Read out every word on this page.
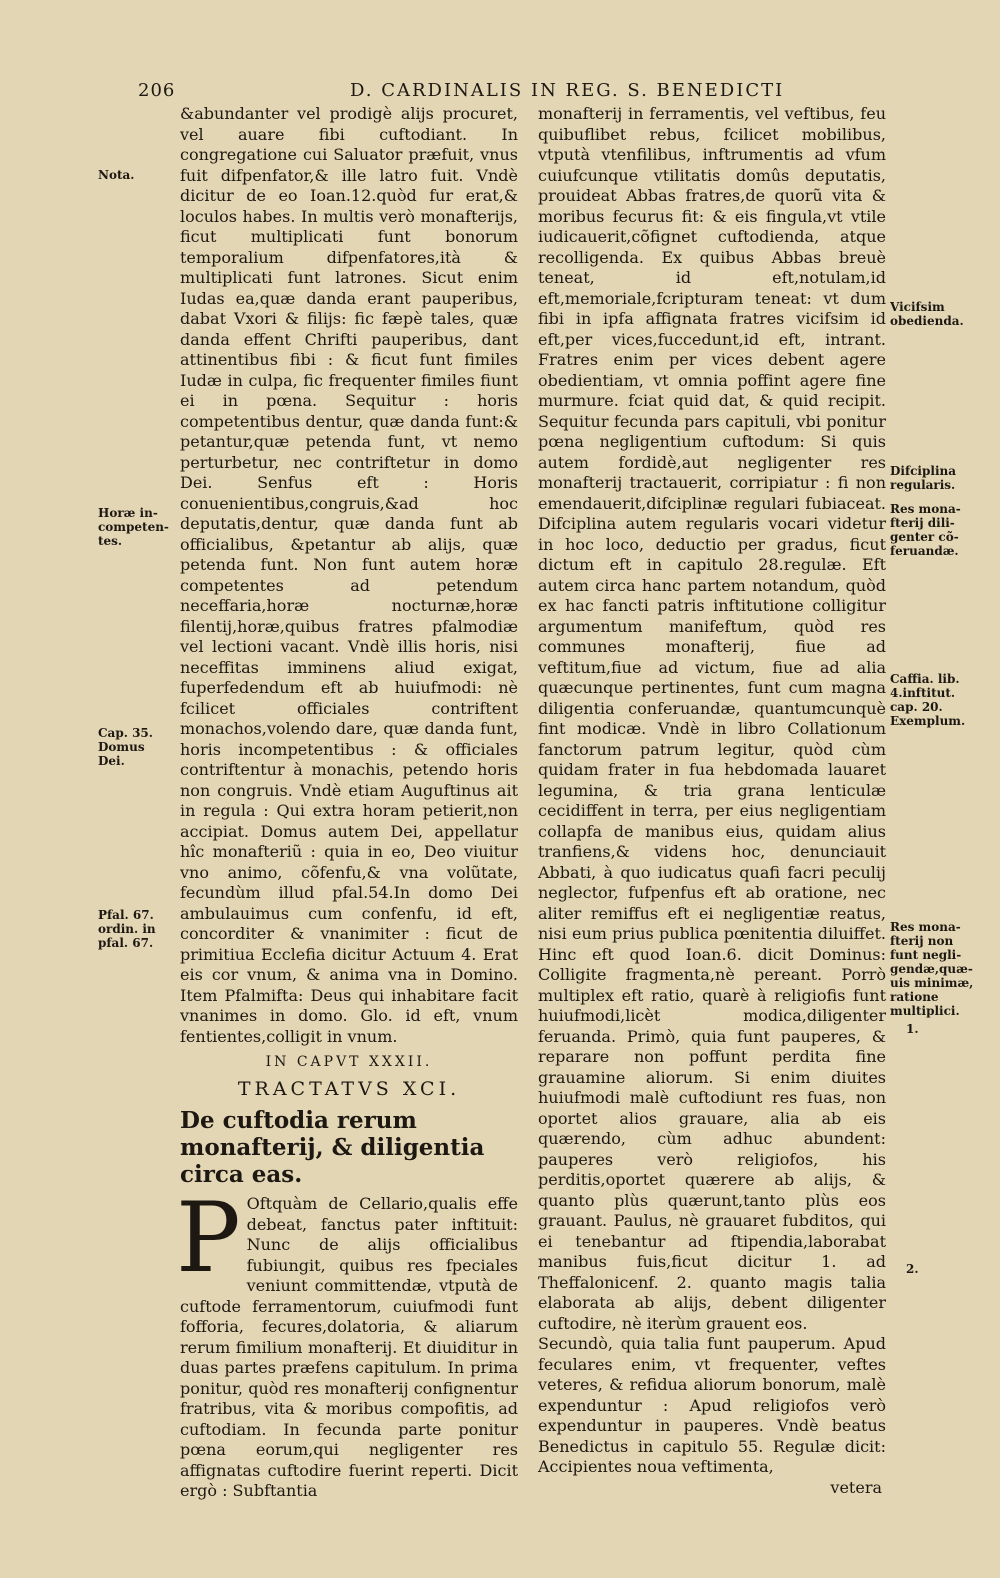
206	D. CARDINALIS IN REG. S. BENEDICTI
Nota.
Horæ in-
competen-
tes.
Cap. 35.
Domus
Dei.
Pfal. 67.
ordin. in
pfal. 67.
Vicifsim
obedienda.
Difciplina
regularis.
Res mona-
fterij dili-
genter cõ-
feruandæ.
Caffia. lib.
4.inftitut.
cap. 20.
Exemplum.
Res mona-
fterij non
funt negli-
gendæ,quæ-
uis minimæ,
ratione
multiplici.
1.
2.

&abundanter vel prodigè alijs procuret, vel auare fibi cuftodiant. In congregatione cui Saluator præfuit, vnus fuit difpenfator,& ille latro fuit. Vndè dicitur de eo Ioan.12.quòd fur erat,& loculos habes. In multis verò monafterijs, ficut multiplicati funt bonorum temporalium difpenfatores,ità & multiplicati funt latrones. Sicut enim Iudas ea,quæ danda erant pauperibus, dabat Vxori & filijs: fic fæpè tales, quæ danda effent Chrifti pauperibus, dant attinentibus fibi : & ficut funt fimiles Iudæ in culpa, fic frequenter fimiles fiunt ei in pœna. Sequitur : horis competentibus dentur, quæ danda funt:& petantur,quæ petenda funt, vt nemo perturbetur, nec contriftetur in domo Dei. Senfus eft : Horis conuenientibus,congruis,&ad hoc deputatis,dentur, quæ danda funt ab officialibus, &petantur ab alijs, quæ petenda funt. Non funt autem horæ competentes ad petendum neceffaria,horæ nocturnæ,horæ filentij,horæ,quibus fratres pfalmodiæ vel lectioni vacant. Vndè illis horis, nisi neceffitas imminens aliud exigat, fuperfedendum eft ab huiufmodi: nè fcilicet officiales contriftent monachos,volendo dare, quæ danda funt, horis incompetentibus : & officiales contriftentur à monachis, petendo horis non congruis. Vndè etiam Auguftinus ait in regula : Qui extra horam petierit,non accipiat. Domus autem Dei, appellatur hîc monafteriũ : quia in eo, Deo viuitur vno animo, cõfenfu,& vna volũtate, fecundùm illud pfal.54.In domo Dei ambulauimus cum confenfu, id eft, concorditer & vnanimiter : ficut de primitiua Ecclefia dicitur Actuum 4. Erat eis cor vnum, & anima vna in Domino. Item Pfalmifta: Deus qui inhabitare facit vnanimes in domo. Glo. id eft, vnum fentientes,colligit in vnum.

IN CAPVT XXXII.
TRACTATVS XCI.
De cuftodia rerum monafterij, & diligentia circa eas.

P Oftquàm de Cellario,qualis effe debeat, fanctus pater inftituit: Nunc de alijs officialibus fubiungit, quibus res fpeciales veniunt committendæ, vtputà de cuftode ferramentorum, cuiufmodi funt fofforia, fecures,dolatoria, & aliarum rerum fimilium monafterij. Et diuiditur in duas partes præfens capitulum. In prima ponitur, quòd res monafterij confignentur fratribus, vita & moribus compofitis, ad cuftodiam. In fecunda parte ponitur pœna eorum,qui negligenter res affignatas cuftodire fuerint reperti. Dicit ergò : Subftantia

monafterij in ferramentis, vel veftibus, feu quibuflibet rebus, fcilicet mobilibus, vtputà vtenfilibus, inftrumentis ad vfum cuiufcunque vtilitatis domûs deputatis, prouideat Abbas fratres,de quorũ vita & moribus fecurus fit: & eis fingula,vt vtile iudicauerit,cõfignet cuftodienda, atque recolligenda. Ex quibus Abbas breuè teneat, id eft,notulam,id eft,memoriale,fcripturam teneat: vt dum fibi in ipfa affignata fratres vicifsim id eft,per vices,fuccedunt,id eft, intrant. Fratres enim per vices debent agere obedientiam, vt omnia poffint agere fine murmure. fciat quid dat, & quid recipit. Sequitur fecunda pars capituli, vbi ponitur pœna negligentium cuftodum: Si quis autem fordidè,aut negligenter res monafterij tractauerit, corripiatur : fi non emendauerit,difciplinæ regulari fubiaceat. Difciplina autem regularis vocari videtur in hoc loco, deductio per gradus, ficut dictum eft in capitulo 28.regulæ. Eft autem circa hanc partem notandum, quòd ex hac fancti patris inftitutione colligitur argumentum manifeftum, quòd res communes monafterij, fiue ad veftitum,fiue ad victum, fiue ad alia quæcunque pertinentes, funt cum magna diligentia conferuandæ, quantumcunquè fint modicæ. Vndè in libro Collationum fanctorum patrum legitur, quòd cùm quidam frater in fua hebdomada lauaret legumina, & tria grana lenticulæ cecidiffent in terra, per eius negligentiam collapfa de manibus eius, quidam alius tranfiens,& videns hoc, denunciauit Abbati, à quo iudicatus quafi facri peculij neglector, fufpenfus eft ab oratione, nec aliter remiffus eft ei negligentiæ reatus, nisi eum prius publica pœnitentia diluiffet. Hinc eft quod Ioan.6. dicit Dominus: Colligite fragmenta,nè pereant. Porrò multiplex eft ratio, quarè à religiofis funt huiufmodi,licèt modica,diligenter feruanda. Primò, quia funt pauperes, & reparare non poffunt perdita fine grauamine aliorum. Si enim diuites huiufmodi malè cuftodiunt res fuas, non oportet alios grauare, alia ab eis quærendo, cùm adhuc abundent: pauperes verò religiofos, his perditis,oportet quærere ab alijs, & quanto plùs quærunt,tanto plùs eos grauant. Paulus, nè grauaret fubditos, qui ei tenebantur ad ftipendia,laborabat manibus fuis,ficut dicitur 1. ad Theffalonicenf. 2. quanto magis talia elaborata ab alijs, debent diligenter cuftodire, nè iterùm grauent eos.

Secundò, quia talia funt pauperum. Apud feculares enim, vt frequenter, veftes veteres, & refidua aliorum bonorum, malè expenduntur : Apud religiofos verò expenduntur in pauperes. Vndè beatus Benedictus in capitulo 55. Regulæ dicit: Accipientes noua veftimenta,

vetera
